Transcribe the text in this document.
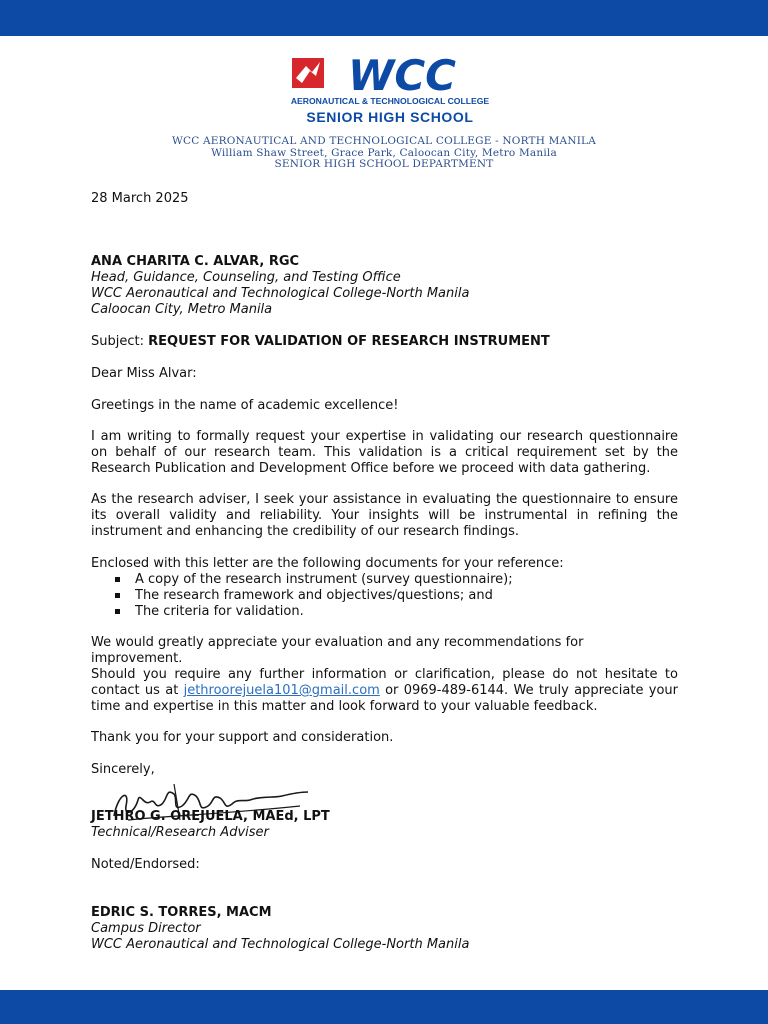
WCC
AERONAUTICAL & TECHNOLOGICAL COLLEGE
SENIOR HIGH SCHOOL
WCC AERONAUTICAL AND TECHNOLOGICAL COLLEGE - NORTH MANILA
William Shaw Street, Grace Park, Caloocan City, Metro Manila
SENIOR HIGH SCHOOL DEPARTMENT
28 March 2025

ANA CHARITA C. ALVAR, RGC

Head, Guidance, Counseling, and Testing Office

WCC Aeronautical and Technological College-North Manila

Caloocan City, Metro Manila

Subject: REQUEST FOR VALIDATION OF RESEARCH INSTRUMENT
Dear Miss Alvar:
Greetings in the name of academic excellence!
I am writing to formally request your expertise in validating our research questionnaire on behalf of our research team. This validation is a critical requirement set by the Research Publication and Development Office before we proceed with data gathering.
As the research adviser, I seek your assistance in evaluating the questionnaire to ensure its overall validity and reliability. Your insights will be instrumental in refining the instrument and enhancing the credibility of our research findings.
Enclosed with this letter are the following documents for your reference:
A copy of the research instrument (survey questionnaire);
The research framework and objectives/questions; and
The criteria for validation.
We would greatly appreciate your evaluation and any recommendations for improvement.

Should you require any further information or clarification, please do not hesitate to

contact us at jethroorejuela101@gmail.com or 0969-489-6144. We truly appreciate your

time and expertise in this matter and look forward to your valuable feedback.

Thank you for your support and consideration.
Sincerely,

JETHRO G. OREJUELA, MAEd, LPT

Technical/Research Adviser

Noted/Endorsed:

EDRIC S. TORRES, MACM

Campus Director

WCC Aeronautical and Technological College-North Manila
